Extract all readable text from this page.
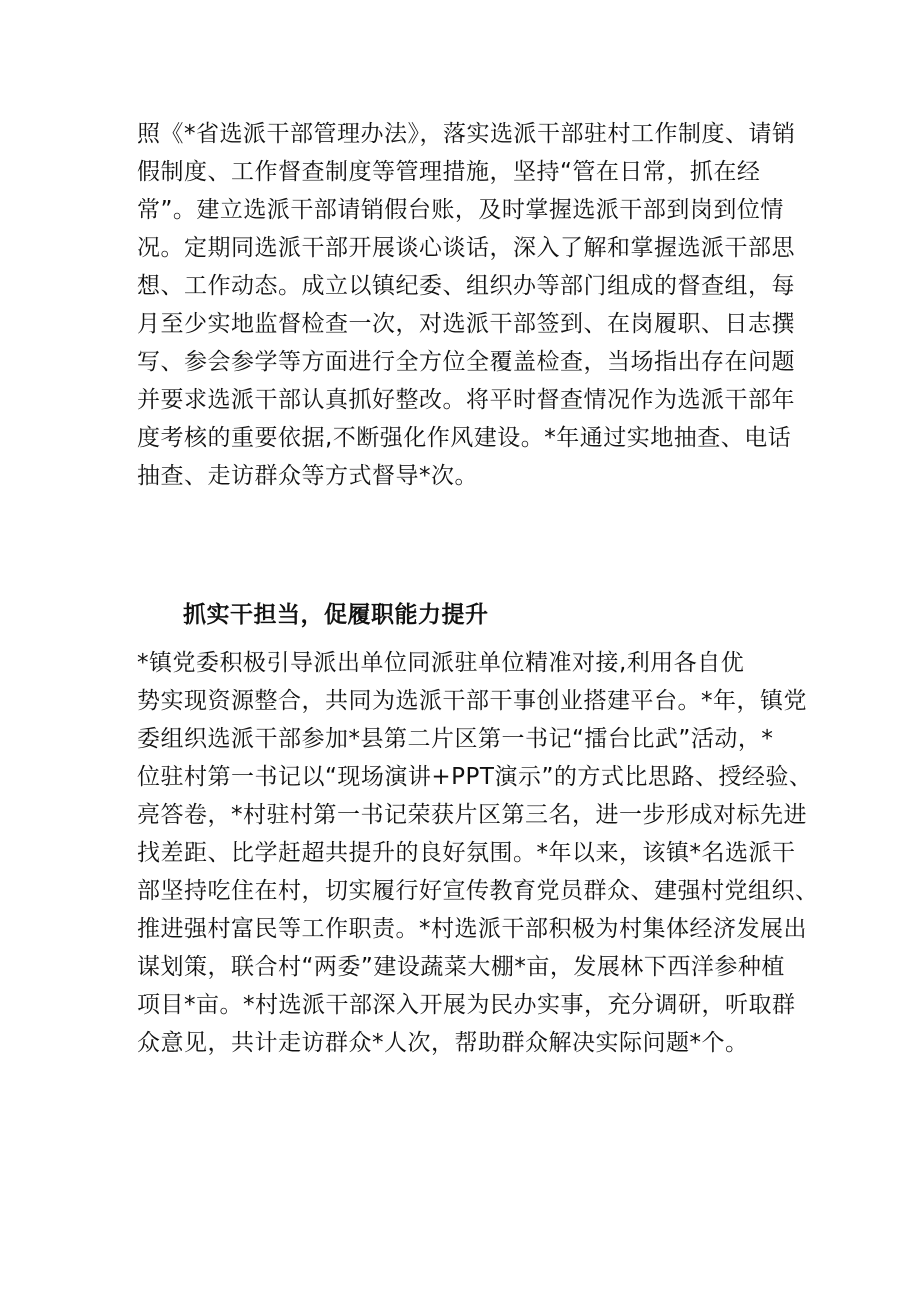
照《*省选派干部管理办法》，落实选派干部驻村工作制度、请销
假制度、工作督查制度等管理措施，坚持“管在日常，抓在经
常”。建立选派干部请销假台账，及时掌握选派干部到岗到位情
况。定期同选派干部开展谈心谈话，深入了解和掌握选派干部思
想、工作动态。成立以镇纪委、组织办等部门组成的督查组，每
月至少实地监督检查一次，对选派干部签到、在岗履职、日志撰
写、参会参学等方面进行全方位全覆盖检查，当场指出存在问题
并要求选派干部认真抓好整改。将平时督查情况作为选派干部年
度考核的重要依据,不断强化作风建设。*年通过实地抽查、电话
抽查、走访群众等方式督导*次。
抓实干担当，促履职能力提升
*镇党委积极引导派出单位同派驻单位精准对接,利用各自优
势实现资源整合，共同为选派干部干事创业搭建平台。*年，镇党
委组织选派干部参加*县第二片区第一书记“擂台比武”活动，*
位驻村第一书记以“现场演讲+PPT演示”的方式比思路、授经验、
亮答卷，*村驻村第一书记荣获片区第三名，进一步形成对标先进
找差距、比学赶超共提升的良好氛围。*年以来，该镇*名选派干
部坚持吃住在村，切实履行好宣传教育党员群众、建强村党组织、
推进强村富民等工作职责。*村选派干部积极为村集体经济发展出
谋划策，联合村“两委”建设蔬菜大棚*亩，发展林下西洋参种植
项目*亩。*村选派干部深入开展为民办实事，充分调研，听取群
众意见，共计走访群众*人次，帮助群众解决实际问题*个。
